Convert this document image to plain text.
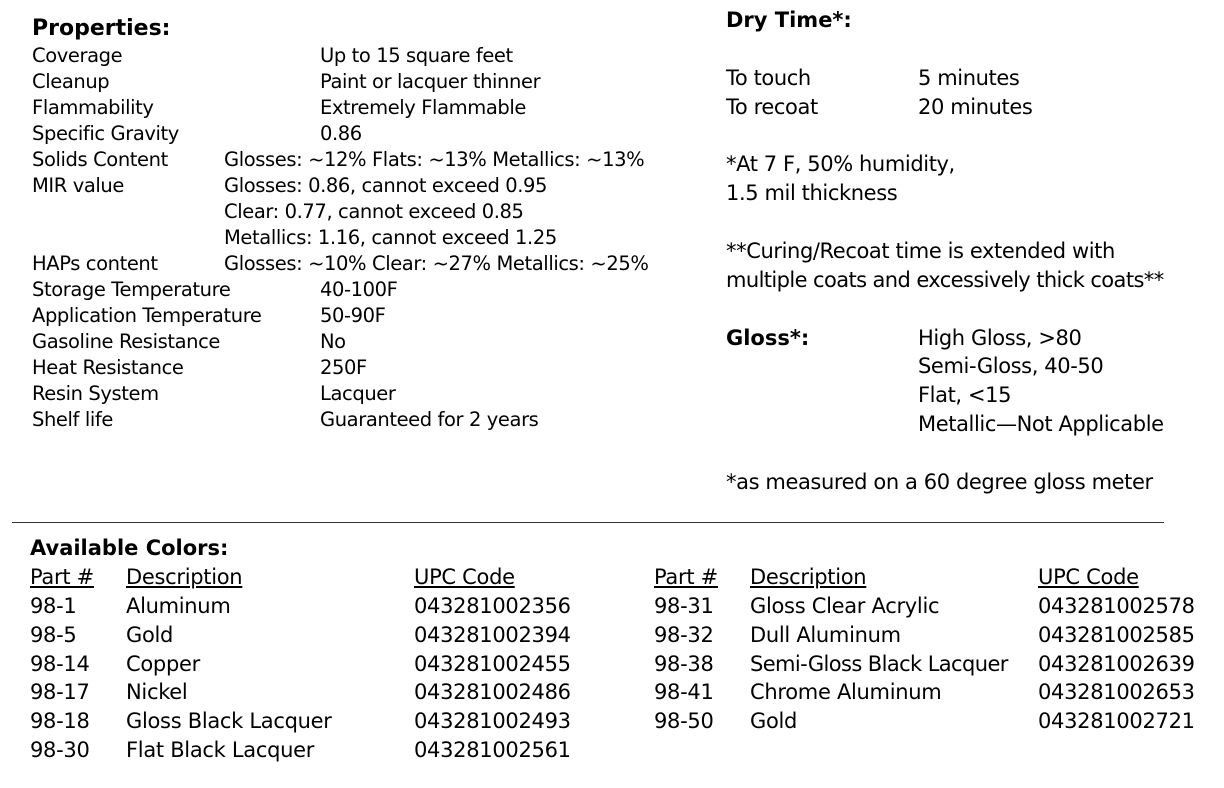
Properties:
Coverage	Up to 15 square feet
Cleanup	Paint or lacquer thinner
Flammability	Extremely Flammable
Specific Gravity	0.86
Solids Content	Glosses: ~12% Flats: ~13% Metallics: ~13%
MIR value	Glosses: 0.86, cannot exceed 0.95
Clear: 0.77, cannot exceed 0.85
Metallics: 1.16, cannot exceed 1.25
HAPs content	Glosses: ~10% Clear: ~27% Metallics: ~25%
Storage Temperature	40-100F
Application Temperature	50-90F
Gasoline Resistance	No
Heat Resistance	250F
Resin System	Lacquer
Shelf life	Guaranteed for 2 years
Dry Time*:
To touch	5 minutes
To recoat	20 minutes
*At 7 F, 50% humidity,
1.5 mil thickness
**Curing/Recoat time is extended with
multiple coats and excessively thick coats**
Gloss*:	High Gloss, >80
Semi-Gloss, 40-50
Flat, <15
Metallic—Not Applicable
*as measured on a 60 degree gloss meter
Available Colors:
Part # Description	UPC Code	Part # Description	UPC Code
98-1 Aluminum	043281002356
98-5 Gold	043281002394
98-14 Copper	043281002455
98-17 Nickel	043281002486
98-18 Gloss Black Lacquer	043281002493
98-30 Flat Black Lacquer	043281002561
98-31 Gloss Clear Acrylic	043281002578
98-32 Dull Aluminum	043281002585
98-38 Semi-Gloss Black Lacquer 043281002639
98-41 Chrome Aluminum	043281002653
98-50 Gold	043281002721
